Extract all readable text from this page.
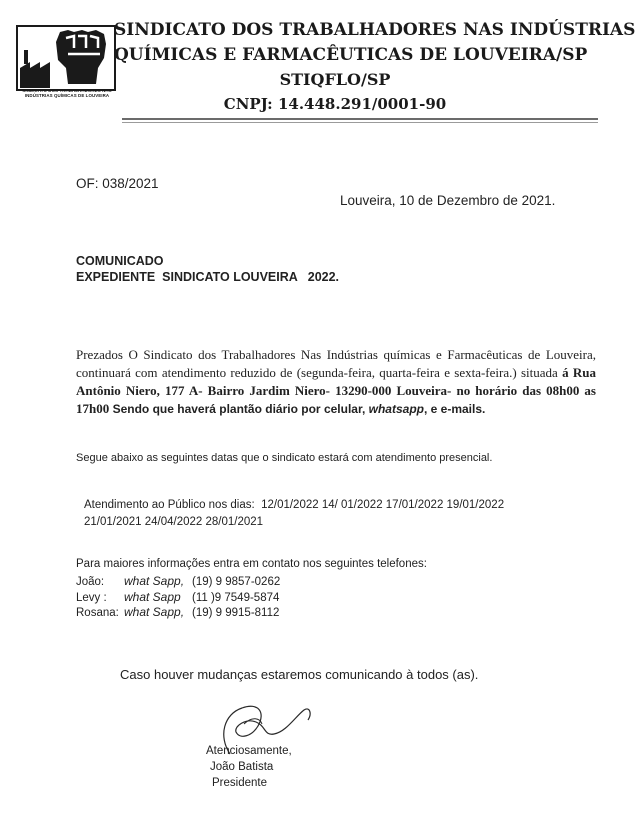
SINDICATO DOS TRABALHADORES NAS INDÚSTRIAS QUÍMICAS DE LOUVEIRA
SINDICATO DOS TRABALHADORES NAS INDÚSTRIAS
QUÍMICAS E FARMACÊUTICAS DE LOUVEIRA/SP
STIQFLO/SP
CNPJ: 14.448.291/0001-90
OF: 038/2021
Louveira, 10 de Dezembro de 2021.
COMUNICADO
EXPEDIENTE  SINDICATO LOUVEIRA   2022.
Prezados O Sindicato dos Trabalhadores Nas Indústrias químicas e Farmacêuticas de Louveira, continuará com atendimento reduzido de (segunda-feira, quarta-feira e sexta-feira.) situada á Rua Antônio Niero, 177 A- Bairro Jardim Niero- 13290-000 Louveira- no horário das 08h00 as 17h00 Sendo que haverá plantão diário por celular, whatsapp, e e-mails.
Segue abaixo as seguintes datas que o sindicato estará com atendimento presencial.
Atendimento ao Público nos dias:  12/01/2022 14/ 01/2022 17/01/2022 19/01/2022
21/01/2021 24/04/2022 28/01/2021
Para maiores informações entra em contato nos seguintes telefones:
João: what Sapp, (19) 9 9857-0262
Levy : what Sapp (11 )9 7549-5874
Rosana: what Sapp, (19) 9 9915-8112
Caso houver mudanças estaremos comunicando à todos (as).
Atenciosamente,
João Batista
Presidente
